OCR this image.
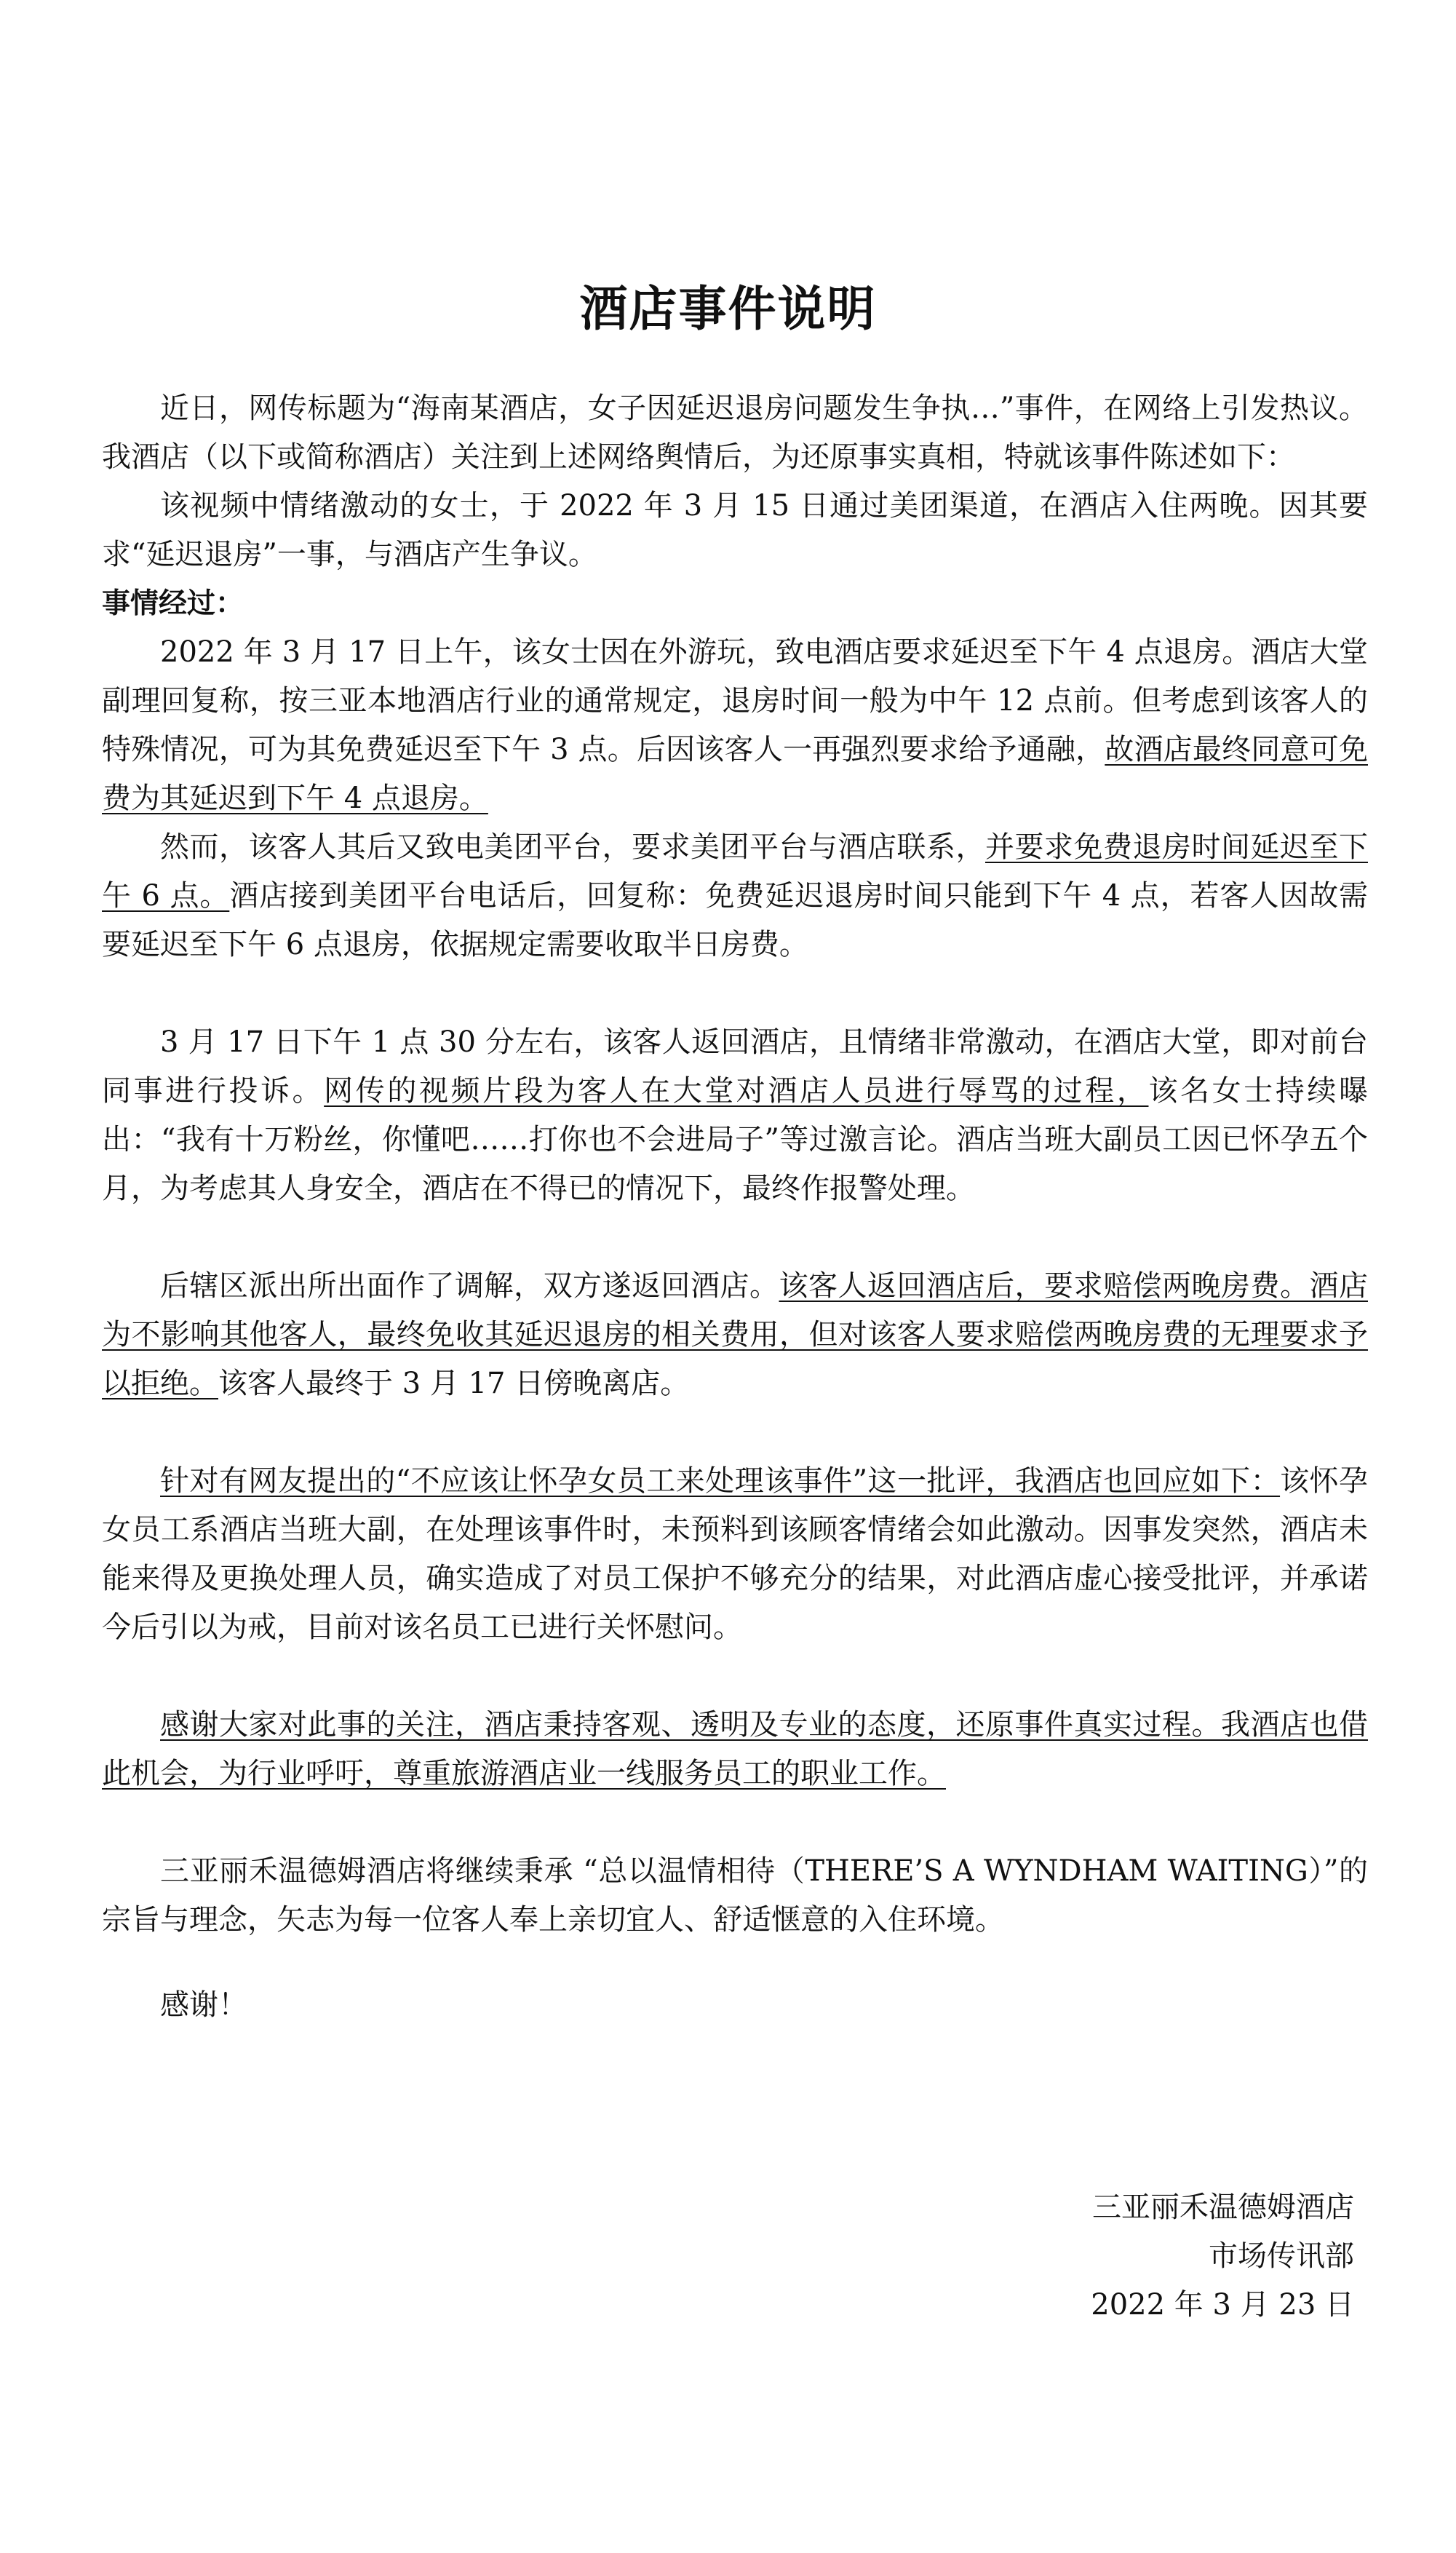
酒店事件说明

近日，网传标题为“海南某酒店，女子因延迟退房问题发生争执…”事件，在网络上引发热议。我酒店（以下或简称酒店）关注到上述网络舆情后，为还原事实真相，特就该事件陈述如下：

该视频中情绪激动的女士，于 2022 年 3 月 15 日通过美团渠道，在酒店入住两晚。因其要求“延迟退房”一事，与酒店产生争议。

事情经过：

2022 年 3 月 17 日上午，该女士因在外游玩，致电酒店要求延迟至下午 4 点退房。酒店大堂副理回复称，按三亚本地酒店行业的通常规定，退房时间一般为中午 12 点前。但考虑到该客人的特殊情况，可为其免费延迟至下午 3 点。后因该客人一再强烈要求给予通融，故酒店最终同意可免费为其延迟到下午 4 点退房。

然而，该客人其后又致电美团平台，要求美团平台与酒店联系，并要求免费退房时间延迟至下午 6 点。酒店接到美团平台电话后，回复称：免费延迟退房时间只能到下午 4 点，若客人因故需要延迟至下午 6 点退房，依据规定需要收取半日房费。

3 月 17 日下午 1 点 30 分左右，该客人返回酒店，且情绪非常激动，在酒店大堂，即对前台同事进行投诉。网传的视频片段为客人在大堂对酒店人员进行辱骂的过程，该名女士持续曝出：“我有十万粉丝，你懂吧……打你也不会进局子”等过激言论。酒店当班大副员工因已怀孕五个月，为考虑其人身安全，酒店在不得已的情况下，最终作报警处理。

后辖区派出所出面作了调解，双方遂返回酒店。该客人返回酒店后，要求赔偿两晚房费。酒店为不影响其他客人，最终免收其延迟退房的相关费用，但对该客人要求赔偿两晚房费的无理要求予以拒绝。该客人最终于 3 月 17 日傍晚离店。

针对有网友提出的“不应该让怀孕女员工来处理该事件”这一批评，我酒店也回应如下：该怀孕女员工系酒店当班大副，在处理该事件时，未预料到该顾客情绪会如此激动。因事发突然，酒店未能来得及更换处理人员，确实造成了对员工保护不够充分的结果，对此酒店虚心接受批评，并承诺今后引以为戒，目前对该名员工已进行关怀慰问。

感谢大家对此事的关注，酒店秉持客观、透明及专业的态度，还原事件真实过程。我酒店也借此机会，为行业呼吁，尊重旅游酒店业一线服务员工的职业工作。

三亚丽禾温德姆酒店将继续秉承 “总以温情相待（THERE’S A WYNDHAM WAITING）”的宗旨与理念，矢志为每一位客人奉上亲切宜人、舒适惬意的入住环境。

感谢！

三亚丽禾温德姆酒店
市场传讯部
2022 年 3 月 23 日
